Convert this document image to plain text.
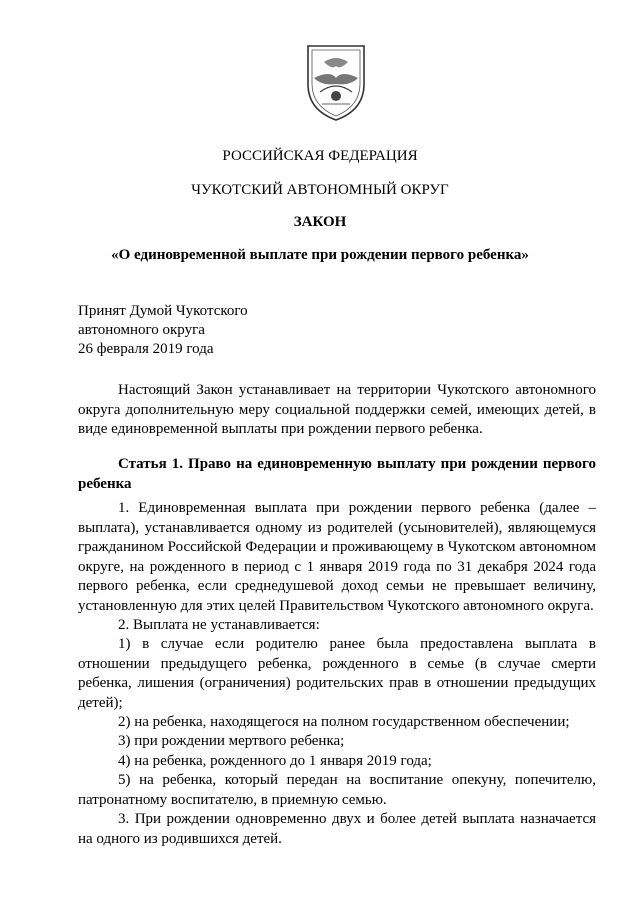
РОССИЙСКАЯ ФЕДЕРАЦИЯ
ЧУКОТСКИЙ АВТОНОМНЫЙ ОКРУГ
ЗАКОН
«О единовременной выплате при рождении первого ребенка»
Принят Думой Чукотского
автономного округа
26 февраля 2019 года
Настоящий Закон устанавливает на территории Чукотского автономного округа дополнительную меру социальной поддержки семей, имеющих детей, в виде единовременной выплаты при рождении первого ребенка.
Статья 1. Право на единовременную выплату при рождении первого ребенка
1. Единовременная выплата при рождении первого ребенка (далее – выплата), устанавливается одному из родителей (усыновителей), являющемуся гражданином Российской Федерации и проживающему в Чукотском автономном округе, на рожденного в период с 1 января 2019 года по 31 декабря 2024 года первого ребенка, если среднедушевой доход семьи не превышает величину, установленную для этих целей Правительством Чукотского автономного округа.
2. Выплата не устанавливается:
1) в случае если родителю ранее была предоставлена выплата в отношении предыдущего ребенка, рожденного в семье (в случае смерти ребенка, лишения (ограничения) родительских прав в отношении предыдущих детей);
2) на ребенка, находящегося на полном государственном обеспечении;
3) при рождении мертвого ребенка;
4) на ребенка, рожденного до 1 января 2019 года;
5) на ребенка, который передан на воспитание опекуну, попечителю, патронатному воспитателю, в приемную семью.
3. При рождении одновременно двух и более детей выплата назначается на одного из родившихся детей.
